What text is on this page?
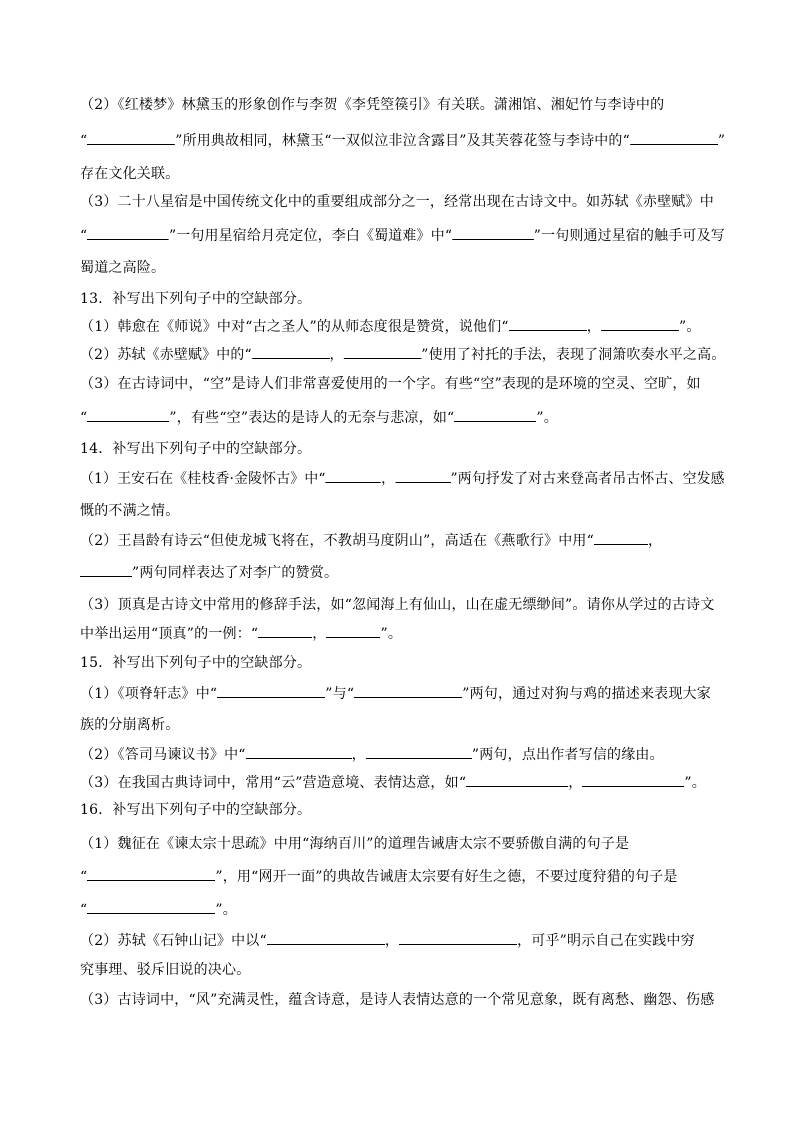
（2）《红楼梦》林黛玉的形象创作与李贺《李凭箜篌引》有关联。潇湘馆、湘妃竹与李诗中的
“	”所用典故相同，林黛玉“一双似泣非泣含露目”及其芙蓉花签与李诗中的“	”
存在文化关联。
（3）二十八星宿是中国传统文化中的重要组成部分之一，经常出现在古诗文中。如苏轼《赤壁赋》中
“	”一句用星宿给月亮定位，李白《蜀道难》中“	”一句则通过星宿的触手可及写
蜀道之高险。
13．补写出下列句子中的空缺部分。
（1）韩愈在《师说》中对“古之圣人”的从师态度很是赞赏，说他们“	，	”。
（2）苏轼《赤壁赋》中的“	，	”使用了衬托的手法，表现了洞箫吹奏水平之高。
（3）在古诗词中，“空”是诗人们非常喜爱使用的一个字。有些“空”表现的是环境的空灵、空旷，如
“	”，有些“空”表达的是诗人的无奈与悲凉，如“	”。
14．补写出下列句子中的空缺部分。
（1）王安石在《桂枝香·金陵怀古》中“	，	”两句抒发了对古来登高者吊古怀古、空发感
慨的不满之情。
（2）王昌龄有诗云“但使龙城飞将在，不教胡马度阴山”，高适在《燕歌行》中用“	，
”两句同样表达了对李广的赞赏。
（3）顶真是古诗文中常用的修辞手法，如“忽闻海上有仙山，山在虚无缥缈间”。请你从学过的古诗文
中举出运用“顶真”的一例：“	，	”。
15．补写出下列句子中的空缺部分。
（1）《项脊轩志》中“	”与“	”两句，通过对狗与鸡的描述来表现大家
族的分崩离析。
（2）《答司马谏议书》中“	，	”两句，点出作者写信的缘由。
（3）在我国古典诗词中，常用“云”营造意境、表情达意，如“	，	”。
16．补写出下列句子中的空缺部分。
（1）魏征在《谏太宗十思疏》中用“海纳百川”的道理告诫唐太宗不要骄傲自满的句子是
“	”，用“网开一面”的典故告诫唐太宗要有好生之德，不要过度狩猎的句子是
“	”。
（2）苏轼《石钟山记》中以“	，	，可乎”明示自己在实践中穷
究事理、驳斥旧说的决心。
（3）古诗词中，“风”充满灵性，蕴含诗意，是诗人表情达意的一个常见意象，既有离愁、幽怨、伤感
